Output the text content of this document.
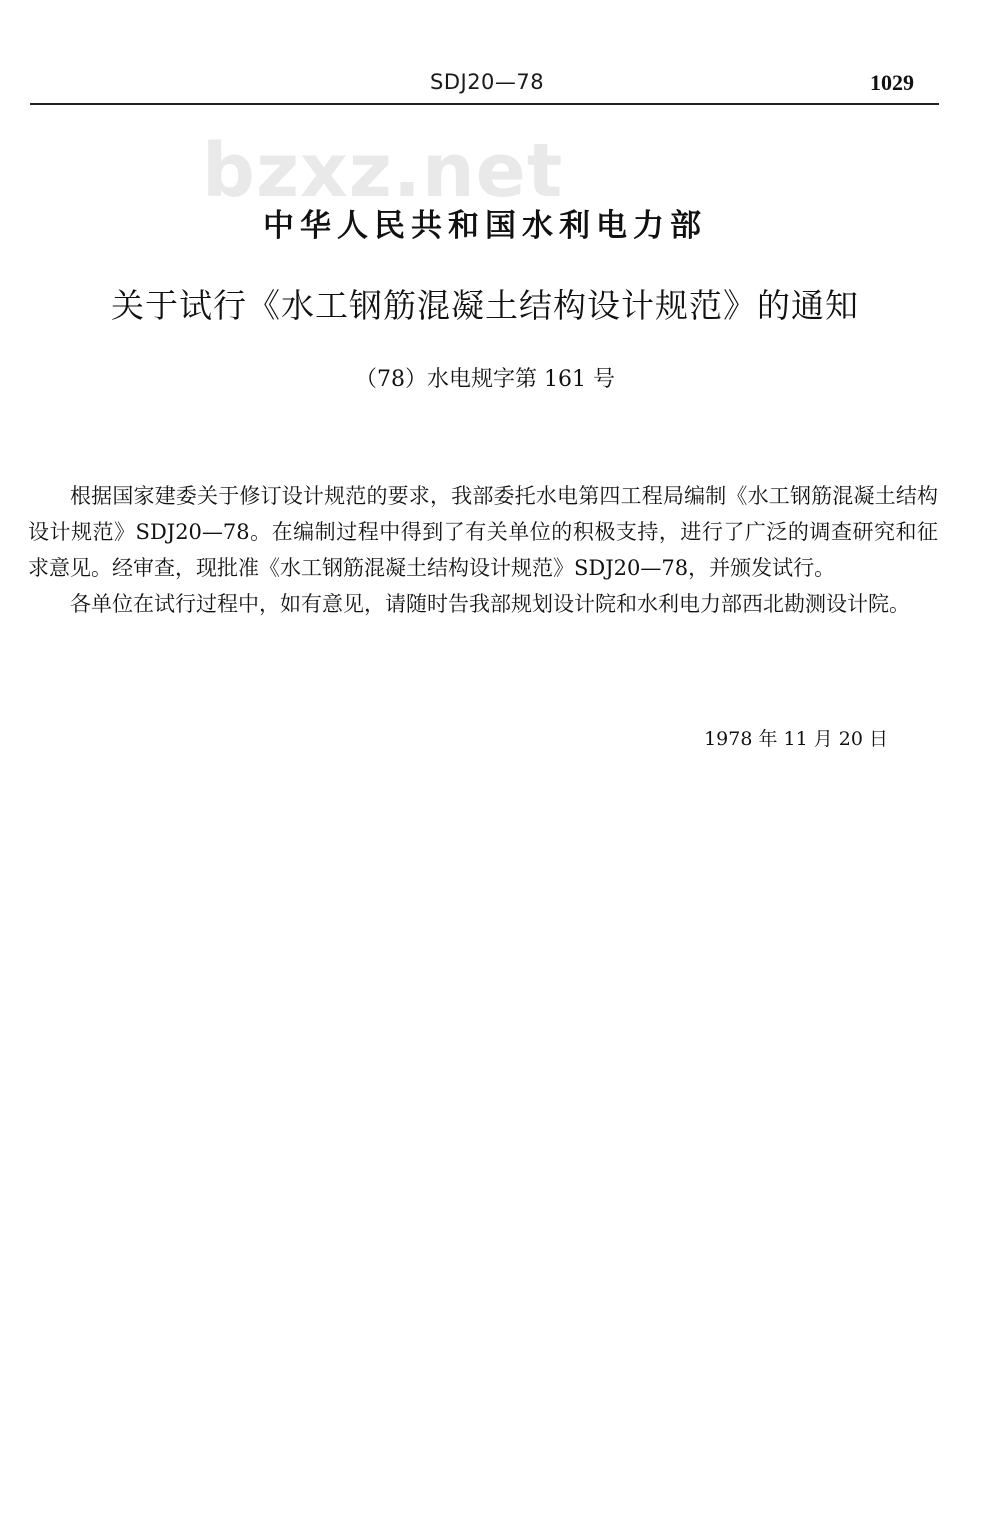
SDJ20—78	1029
bzxz.net
中华人民共和国水利电力部
关于试行《水工钢筋混凝土结构设计规范》的通知
（78）水电规字第 161 号

根据国家建委关于修订设计规范的要求，我部委托水电第四工程局编制《水工钢筋混凝土结构设计规范》SDJ20—78。在编制过程中得到了有关单位的积极支持，进行了广泛的调查研究和征求意见。经审查，现批准《水工钢筋混凝土结构设计规范》SDJ20—78，并颁发试行。

各单位在试行过程中，如有意见，请随时告我部规划设计院和水利电力部西北勘测设计院。

1978 年 11 月 20 日
